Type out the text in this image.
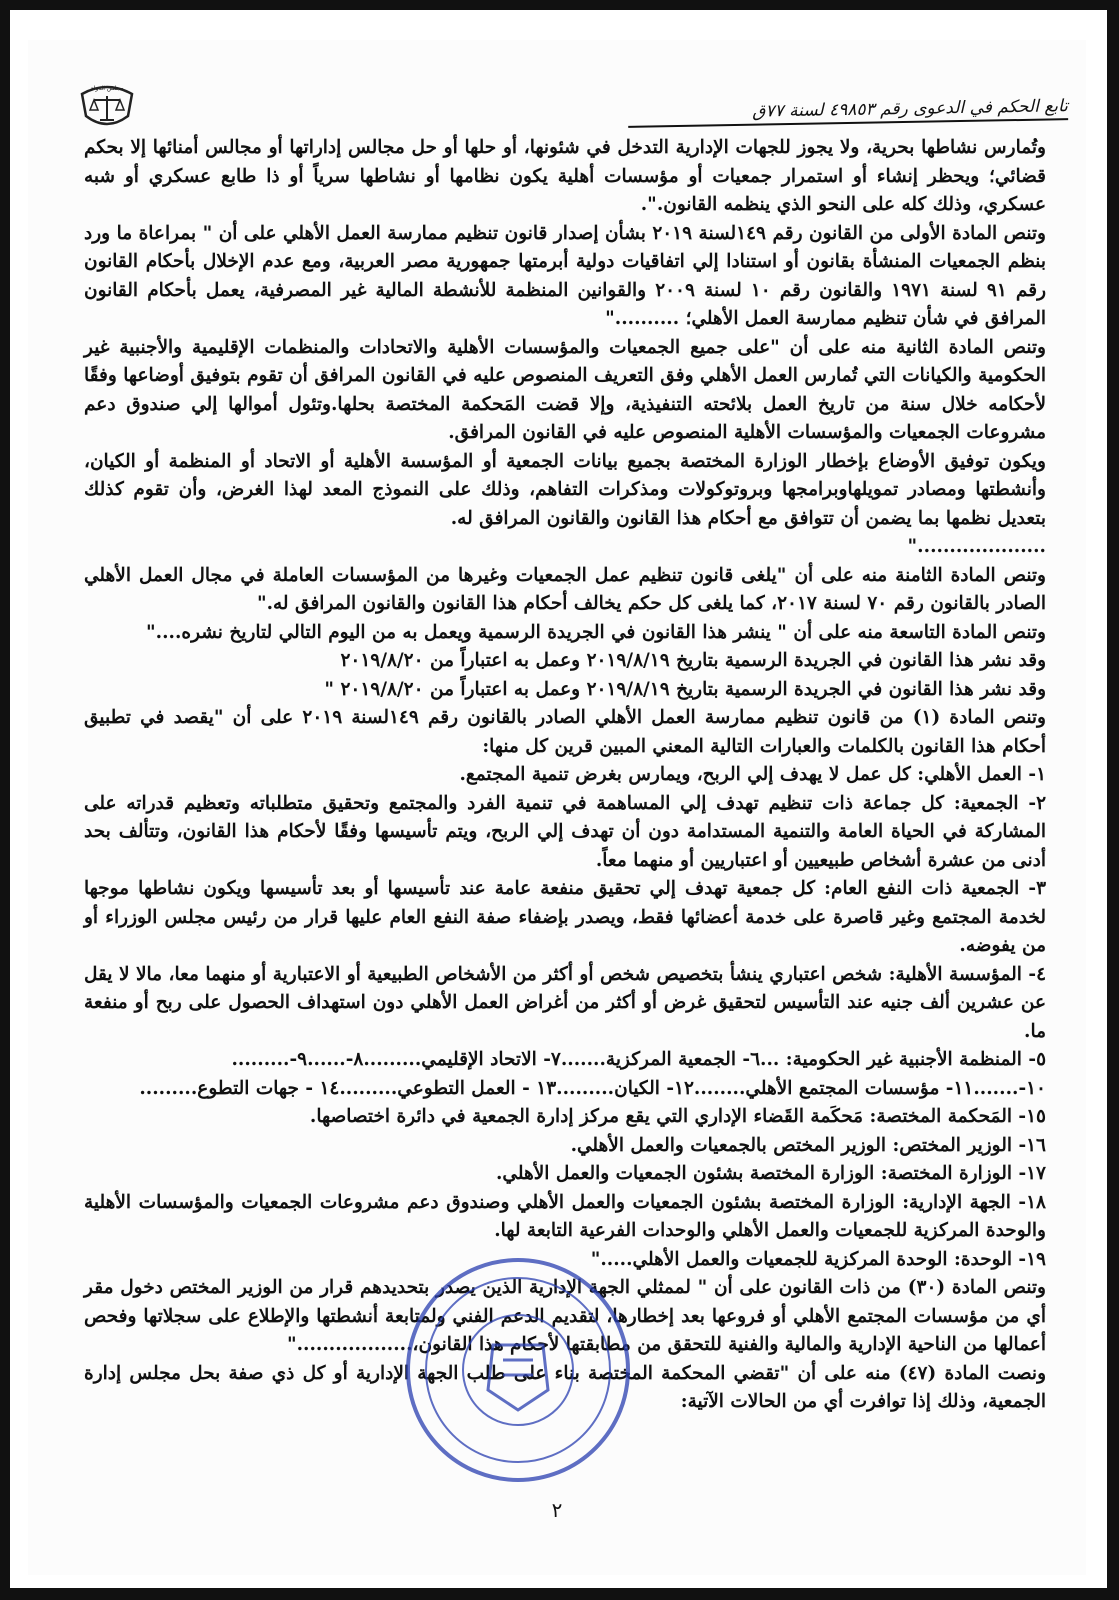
مجلس الدولة
تابع الحكم في الدعوى رقم ٤٩٨٥٣ لسنة ٧٧ق

وتُمارس نشاطها بحرية، ولا يجوز للجهات الإدارية التدخل في شئونها، أو حلها أو حل مجالس إداراتها أو مجالس أمنائها إلا بحكم قضائي؛ ويحظر إنشاء أو استمرار جمعيات أو مؤسسات أهلية يكون نظامها أو نشاطها سرياً أو ذا طابع عسكري أو شبه عسكري، وذلك كله على النحو الذي ينظمه القانون.".

وتنص المادة الأولى من القانون رقم ١٤٩لسنة ٢٠١٩ بشأن إصدار قانون تنظيم ممارسة العمل الأهلي على أن " بمراعاة ما ورد بنظم الجمعيات المنشأة بقانون أو استنادا إلي اتفاقيات دولية أبرمتها جمهورية مصر العربية، ومع عدم الإخلال بأحكام القانون رقم ٩١ لسنة ١٩٧١ والقانون رقم ١٠ لسنة ٢٠٠٩ والقوانين المنظمة للأنشطة المالية غير المصرفية، يعمل بأحكام القانون المرافق في شأن تنظيم ممارسة العمل الأهلي؛ .........."

وتنص المادة الثانية منه على أن "على جميع الجمعيات والمؤسسات الأهلية والاتحادات والمنظمات الإقليمية والأجنبية غير الحكومية والكيانات التي تُمارس العمل الأهلي وفق التعريف المنصوص عليه في القانون المرافق أن تقوم بتوفيق أوضاعها وفقًا لأحكامه خلال سنة من تاريخ العمل بلائحته التنفيذية، وإلا قضت المَحكمة المختصة بحلها.وتئول أموالها إلي صندوق دعم مشروعات الجمعيات والمؤسسات الأهلية المنصوص عليه في القانون المرافق.

ويكون توفيق الأوضاع بإخطار الوزارة المختصة بجميع بيانات الجمعية أو المؤسسة الأهلية أو الاتحاد أو المنظمة أو الكيان، وأنشطتها ومصادر تمويلهاوبرامجها وبروتوكولات ومذكرات التفاهم، وذلك على النموذج المعد لهذا الغرض، وأن تقوم كذلك بتعديل نظمها بما يضمن أن تتوافق مع أحكام هذا القانون والقانون المرافق له.

...................."

وتنص المادة الثامنة منه على أن "يلغى قانون تنظيم عمل الجمعيات وغيرها من المؤسسات العاملة في مجال العمل الأهلي الصادر بالقانون رقم ٧٠ لسنة ٢٠١٧، كما يلغى كل حكم يخالف أحكام هذا القانون والقانون المرافق له."

وتنص المادة التاسعة منه على أن " ينشر هذا القانون في الجريدة الرسمية ويعمل به من اليوم التالي لتاريخ نشره...."

وقد نشر هذا القانون في الجريدة الرسمية بتاريخ ٢٠١٩/٨/١٩ وعمل به اعتباراً من ٢٠١٩/٨/٢٠

وقد نشر هذا القانون في الجريدة الرسمية بتاريخ ٢٠١٩/٨/١٩ وعمل به اعتباراً من ٢٠١٩/٨/٢٠ "

وتنص المادة (١) من قانون تنظيم ممارسة العمل الأهلي الصادر بالقانون رقم ١٤٩لسنة ٢٠١٩ على أن "يقصد في تطبيق أحكام هذا القانون بالكلمات والعبارات التالية المعني المبين قرين كل منها:

١- العمل الأهلي: كل عمل لا يهدف إلي الربح، ويمارس بغرض تنمية المجتمع.

٢- الجمعية: كل جماعة ذات تنظيم تهدف إلي المساهمة في تنمية الفرد والمجتمع وتحقيق متطلباته وتعظيم قدراته على المشاركة في الحياة العامة والتنمية المستدامة دون أن تهدف إلي الربح، ويتم تأسيسها وفقًا لأحكام هذا القانون، وتتألف بحد أدنى من عشرة أشخاص طبيعيين أو اعتباريين أو منهما معاً.

٣- الجمعية ذات النفع العام: كل جمعية تهدف إلي تحقيق منفعة عامة عند تأسيسها أو بعد تأسيسها ويكون نشاطها موجها لخدمة المجتمع وغير قاصرة على خدمة أعضائها فقط، ويصدر بإضفاء صفة النفع العام عليها قرار من رئيس مجلس الوزراء أو من يفوضه.

٤- المؤسسة الأهلية: شخص اعتباري ينشأ بتخصيص شخص أو أكثر من الأشخاص الطبيعية أو الاعتبارية أو منهما معا، مالا لا يقل عن عشرين ألف جنيه عند التأسيس لتحقيق غرض أو أكثر من أغراض العمل الأهلي دون استهداف الحصول على ربح أو منفعة ما.

٥- المنظمة الأجنبية غير الحكومية: ...٦- الجمعية المركزية.......٧- الاتحاد الإقليمي.........٨-......٩-.........

١٠-.......١١- مؤسسات المجتمع الأهلي........١٢- الكيان.........١٣ - العمل التطوعي.........١٤ - جهات التطوع.........

١٥- المَحكمة المختصة: مَحكَمة القَضاء الإداري التي يقع مركز إدارة الجمعية في دائرة اختصاصها.

١٦- الوزير المختص: الوزير المختص بالجمعيات والعمل الأهلي.

١٧- الوزارة المختصة: الوزارة المختصة بشئون الجمعيات والعمل الأهلي.

١٨- الجهة الإدارية: الوزارة المختصة بشئون الجمعيات والعمل الأهلي وصندوق دعم مشروعات الجمعيات والمؤسسات الأهلية والوحدة المركزية للجمعيات والعمل الأهلي والوحدات الفرعية التابعة لها.

١٩- الوحدة: الوحدة المركزية للجمعيات والعمل الأهلي....."

وتنص المادة (٣٠) من ذات القانون على أن " لممثلي الجهة الإدارية الذين يصدر بتحديدهم قرار من الوزير المختص دخول مقر أي من مؤسسات المجتمع الأهلي أو فروعها بعد إخطارها، لتقديم الدعم الفني ولمتابعة أنشطتها والإطلاع على سجلاتها وفحص أعمالها من الناحية الإدارية والمالية والفنية للتحقق من مطابقتها لأحكام هذا القانون،.................."

ونصت المادة (٤٧) منه على أن "تقضي المحكمة المختصة بناء على طلب الجهة الإدارية أو كل ذي صفة بحل مجلس إدارة الجمعية، وذلك إذا توافرت أي من الحالات الآتية:

٢
